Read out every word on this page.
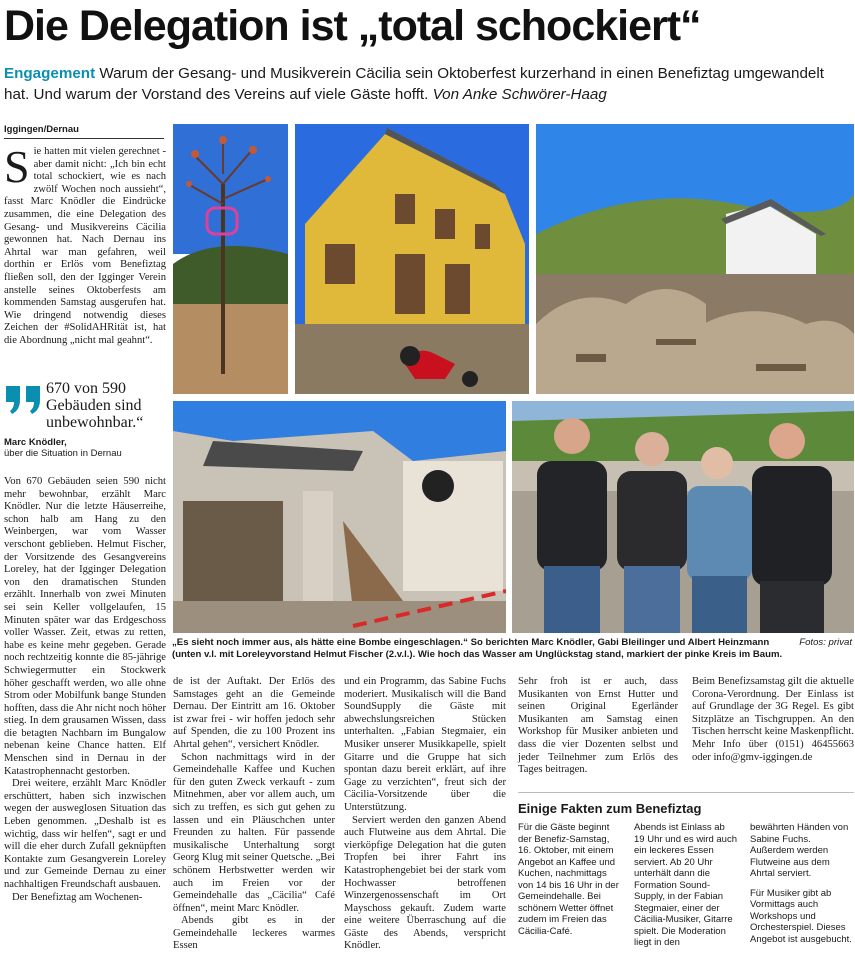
Die Delegation ist „total schockiert“
Engagement Warum der Gesang- und Musikverein Cäcilia sein Oktoberfest kurzerhand in einen Benefiztag umgewandelt hat. Und warum der Vorstand des Vereins auf viele Gäste hofft. Von Anke Schwörer-Haag
Iggingen/Dernau
S ie hatten mit vielen gerechnet - aber damit nicht: „Ich bin echt total schockiert, wie es nach zwölf Wochen noch aussieht“, fasst Marc Knödler die Eindrücke zusammen, die eine Delegation des Gesang- und Musikvereins Cäcilia gewonnen hat. Nach Dernau ins Ahrtal war man gefahren, weil dorthin er Erlös vom Benefiztag fließen soll, den der Igginger Verein anstelle seines Oktoberfests am kommenden Samstag ausgerufen hat. Wie dringend notwendig dieses Zeichen der #SolidAHRität ist, hat die Abordnung „nicht mal geahnt“.

670 von 590 Gebäuden sind unbewohnbar.“
Marc Knödler,
über die Situation in Dernau

Von 670 Gebäuden seien 590 nicht mehr bewohnbar, erzählt Marc Knödler. Nur die letzte Häuserreihe, schon halb am Hang zu den Weinbergen, war vom Wasser verschont geblieben. Helmut Fischer, der Vorsitzende des Gesangvereins Loreley, hat der Igginger Delegation von den dramatischen Stunden erzählt. Innerhalb von zwei Minuten sei sein Keller vollgelaufen, 15 Minuten später war das Erdgeschoss voller Wasser. Zeit, etwas zu retten, habe es keine mehr gegeben. Gerade noch rechtzeitig konnte die 85-jährige Schwiegermutter ein Stockwerk höher geschafft werden, wo alle ohne Strom oder Mobilfunk bange Stunden hofften, dass die Ahr nicht noch höher stieg. In dem grausamen Wissen, dass die betagten Nachbarn im Bungalow nebenan keine Chance hatten. Elf Menschen sind in Dernau in der Katastrophennacht gestorben.

Drei weitere, erzählt Marc Knödler erschüttert, haben sich inzwischen wegen der ausweglosen Situation das Leben genommen. „Deshalb ist es wichtig, dass wir helfen“, sagt er und will die eher durch Zufall geknüpften Kontakte zum Gesangverein Loreley und zur Gemeinde Dernau zu einer nachhaltigen Freundschaft ausbauen.

Der Benefiztag am Wochenen-

Fotos: privat
„Es sieht noch immer aus, als hätte eine Bombe eingeschlagen.“ So berichten Marc Knödler, Gabi Bleilinger und Albert Heinzmann (unten v.l. mit Loreleyvorstand Helmut Fischer (2.v.l.). Wie hoch das Wasser am Unglückstag stand, markiert der pinke Kreis im Baum.

de ist der Auftakt. Der Erlös des Samstages geht an die Gemeinde Dernau. Der Eintritt am 16. Oktober ist zwar frei - wir hoffen jedoch sehr auf Spenden, die zu 100 Prozent ins Ahrtal gehen“, versichert Knödler.

Schon nachmittags wird in der Gemeindehalle Kaffee und Kuchen für den guten Zweck verkauft - zum Mitnehmen, aber vor allem auch, um sich zu treffen, es sich gut gehen zu lassen und ein Pläuschchen unter Freunden zu halten. Für passende musikalische Unterhaltung sorgt Georg Klug mit seiner Quetsche. „Bei schönem Herbstwetter werden wir auch im Freien vor der Gemeindehalle das „Cäcilia“ Café öffnen“, meint Marc Knödler.

Abends gibt es in der Gemeindehalle leckeres warmes Essen

und ein Programm, das Sabine Fuchs moderiert. Musikalisch will die Band SoundSupply die Gäste mit abwechslungsreichen Stücken unterhalten. „Fabian Stegmaier, ein Musiker unserer Musikkapelle, spielt Gitarre und die Gruppe hat sich spontan dazu bereit erklärt, auf ihre Gage zu verzichten“, freut sich der Cäcilia-Vorsitzende über die Unterstützung.

Serviert werden den ganzen Abend auch Flutweine aus dem Ahrtal. Die vierköpfige Delegation hat die guten Tropfen bei ihrer Fahrt ins Katastrophengebiet bei der stark vom Hochwasser betroffenen Winzergenossenschaft im Ort Mayschoss gekauft. Zudem warte eine weitere Überraschung auf die Gäste des Abends, verspricht Knödler.

Sehr froh ist er auch, dass Musikanten von Ernst Hutter und seinen Original Egerländer Musikanten am Samstag einen Workshop für Musiker anbieten und dass die vier Dozenten selbst und jeder Teilnehmer zum Erlös des Tages beitragen.

Beim Benefizsamstag gilt die aktuelle Corona-Verordnung. Der Einlass ist auf Grundlage der 3G Regel. Es gibt Sitzplätze an Tischgruppen. An den Tischen herrscht keine Maskenpflicht. Mehr Info über (0151) 46455663 oder info@gmv-iggingen.de

Einige Fakten zum Benefiztag

Für die Gäste beginnt der Benefiz-Samstag, 16. Oktober, mit einem Angebot an Kaffee und Kuchen, nachmittags von 14 bis 16 Uhr in der Gemeindehalle. Bei schönem Wetter öffnet zudem im Freien das Cäcilia-Café.

Abends ist Einlass ab 19 Uhr und es wird auch ein leckeres Essen serviert. Ab 20 Uhr unterhält dann die Formation Sound-Supply, in der Fabian Stegmaier, einer der Cäcilia-Musiker, Gitarre spielt. Die Moderation liegt in den

bewährten Händen von Sabine Fuchs. Außerdem werden Flutweine aus dem Ahrtal serviert.

Für Musiker gibt ab Vormittags auch Workshops und Orchesterspiel. Dieses Angebot ist ausgebucht.
